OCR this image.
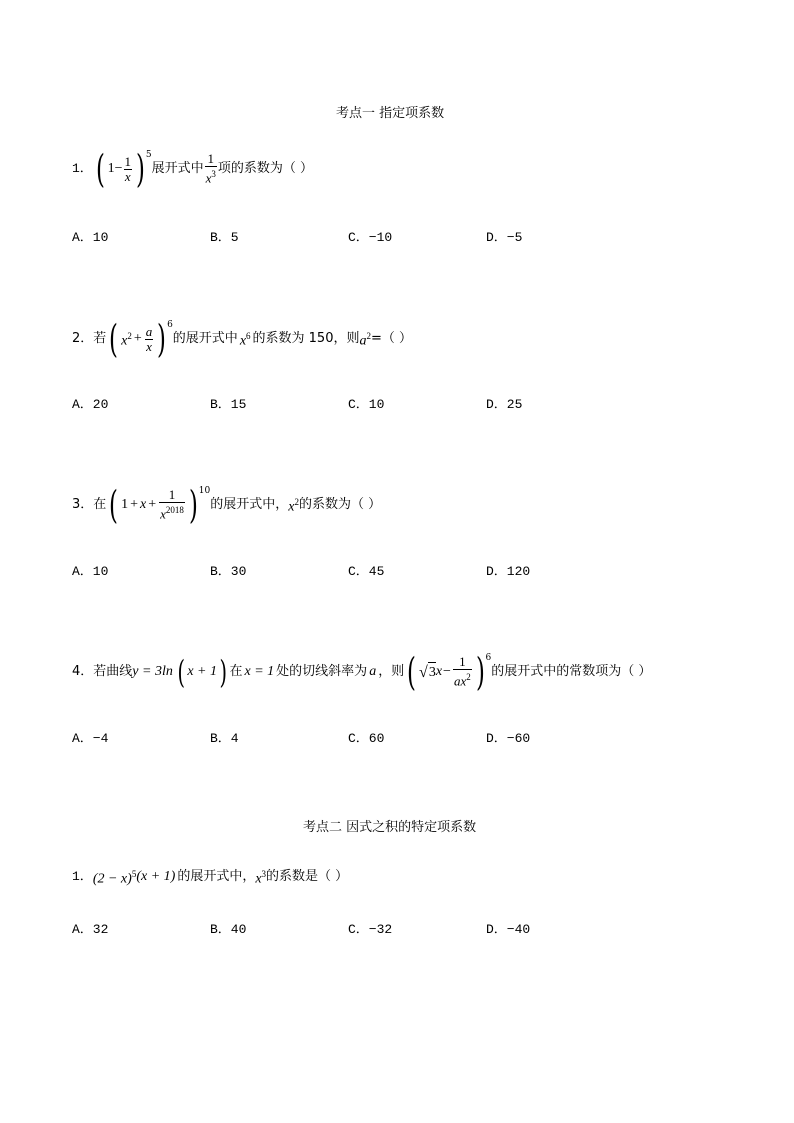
考点一 指定项系数
1． ( $1 - \frac{1}{x}$ ) 5
展开式中 $\frac{1}{x^3}$ 项的系数为（ ）
A．10	B．5	C．−10	D．−5
2．若 ( $x^2 + \frac{a}{x}$ ) 6
的展开式中 $x^6$ 的系数为 150，则 $a^2$ =（ ）
A．20	B．15	C．10	D．25
3．在 ( $1 + x + \frac{1}{x^{2018}}$ ) 10
的展开式中， $x^2$ 的系数为（ ）
A．10	B．30	C．45	D．120
4．若曲线 y = 3ln ( x + 1 ) 在 x = 1 处的切线斜率为 a ，则 ( √ 3 $x - \frac{1}{ax^2}$ ) 6
的展开式中的常数项为（ ）
A．−4	B．4	C．60	D．−60
考点二 因式之积的特定项系数
1． $(2 - x)^5$ (x + 1) 的展开式中， $x^3$ 的系数是（ ）
A．32	B．40	C．−32	D．−40
